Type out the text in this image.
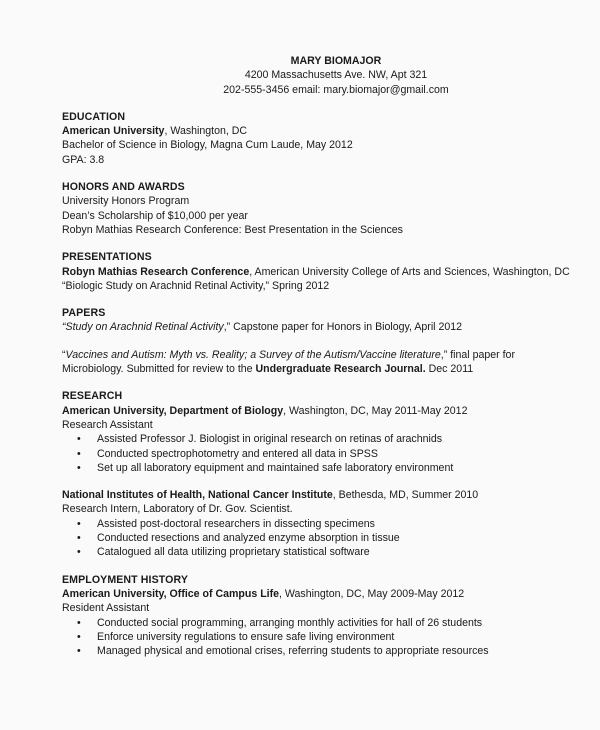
MARY BIOMAJOR
4200 Massachusetts Ave. NW, Apt 321
202-555-3456 email: mary.biomajor@gmail.com
EDUCATION
American University, Washington, DC
Bachelor of Science in Biology, Magna Cum Laude, May 2012
GPA: 3.8
HONORS AND AWARDS
University Honors Program
Dean’s Scholarship of $10,000 per year
Robyn Mathias Research Conference: Best Presentation in the Sciences
PRESENTATIONS
Robyn Mathias Research Conference, American University College of Arts and Sciences, Washington, DC
“Biologic Study on Arachnid Retinal Activity,” Spring 2012
PAPERS
“Study on Arachnid Retinal Activity,” Capstone paper for Honors in Biology, April 2012
“Vaccines and Autism: Myth vs. Reality; a Survey of the Autism/Vaccine literature,” final paper for
Microbiology. Submitted for review to the Undergraduate Research Journal. Dec 2011
RESEARCH
American University, Department of Biology, Washington, DC, May 2011-May 2012
Research Assistant
•	Assisted Professor J. Biologist in original research on retinas of arachnids
•	Conducted spectrophotometry and entered all data in SPSS
•	Set up all laboratory equipment and maintained safe laboratory environment
National Institutes of Health, National Cancer Institute, Bethesda, MD, Summer 2010
Research Intern, Laboratory of Dr. Gov. Scientist.
•	Assisted post-doctoral researchers in dissecting specimens
•	Conducted resections and analyzed enzyme absorption in tissue
•	Catalogued all data utilizing proprietary statistical software
EMPLOYMENT HISTORY
American University, Office of Campus Life, Washington, DC, May 2009-May 2012
Resident Assistant
•	Conducted social programming, arranging monthly activities for hall of 26 students
•	Enforce university regulations to ensure safe living environment
•	Managed physical and emotional crises, referring students to appropriate resources
